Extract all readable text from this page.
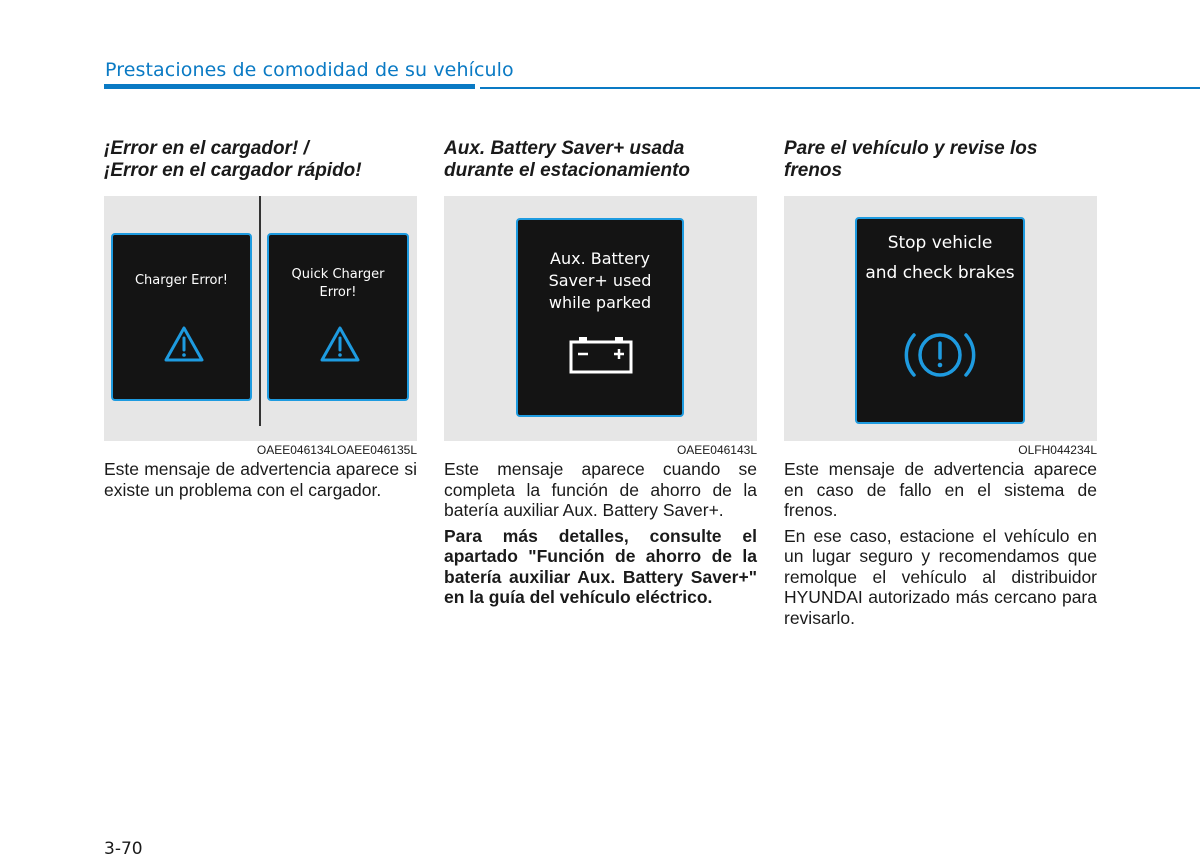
Prestaciones de comodidad de su vehículo
¡Error en el cargador! /
¡Error en el cargador rápido!
Charger Error!	Quick Charger
Error!
OAEE046134LOAEE046135L

Este mensaje de advertencia aparece si existe un problema con el cargador.

Aux. Battery Saver+ usada
durante el estacionamiento
Aux. Battery
Saver+ used
while parked
OAEE046143L

Este mensaje aparece cuando se completa la función de ahorro de la batería auxiliar Aux. Battery Saver+.

Para más detalles, consulte el apartado "Función de ahorro de la batería auxiliar Aux. Battery Saver+" en la guía del vehículo eléctrico.

Pare el vehículo y revise los
frenos
Stop vehicle
and check brakes
OLFH044234L

Este mensaje de advertencia aparece en caso de fallo en el sistema de frenos.

En ese caso, estacione el vehículo en un lugar seguro y recomendamos que remolque el vehículo al distribuidor HYUNDAI autorizado más cercano para revisarlo.

3-70
